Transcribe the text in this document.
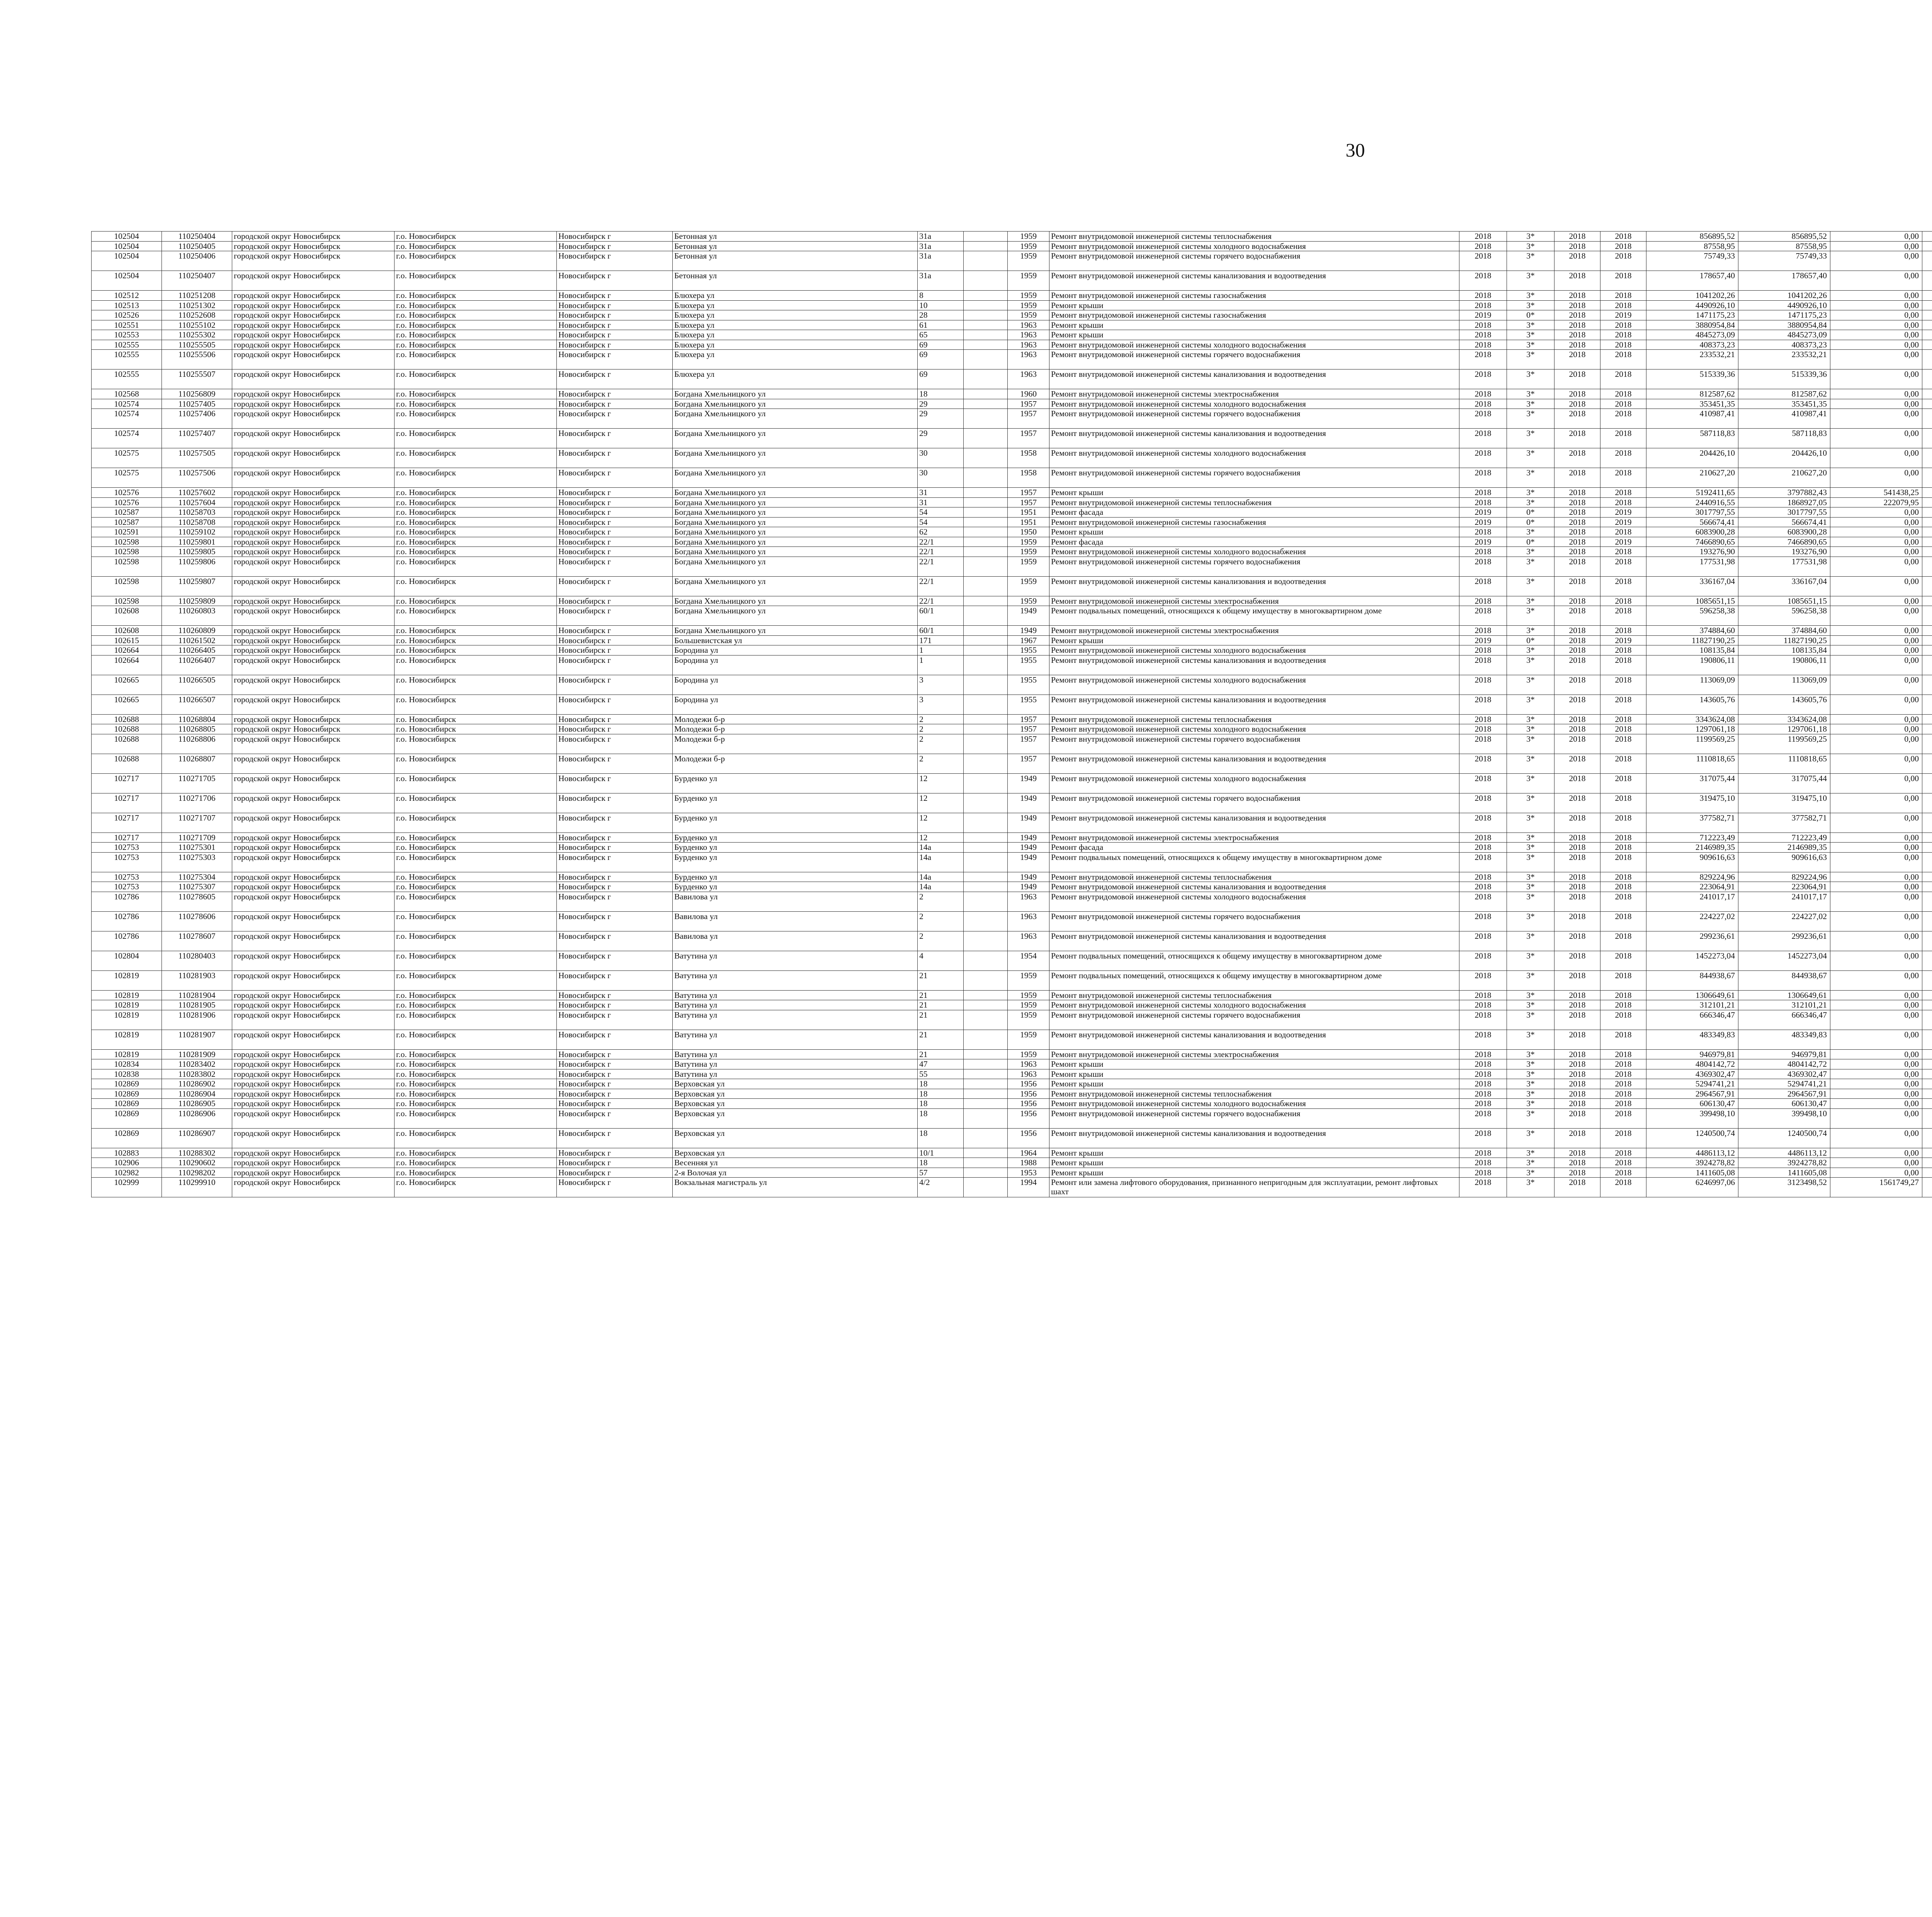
30
102504	110250404	городской округ Новосибирск	г.о. Новосибирск	Новосибирск г	Бетонная ул	31а		1959	Ремонт внутридомовой инженерной системы теплоснабжения	2018	3*	2018	2018	856895,52	856895,52	0,00					
102504	110250405	городской округ Новосибирск	г.о. Новосибирск	Новосибирск г	Бетонная ул	31а		1959	Ремонт внутридомовой инженерной системы холодного водоснабжения	2018	3*	2018	2018	87558,95	87558,95	0,00					
102504	110250406	городской округ Новосибирск	г.о. Новосибирск	Новосибирск г	Бетонная ул	31а		1959	Ремонт внутридомовой инженерной системы горячего водоснабжения	2018	3*	2018	2018	75749,33	75749,33	0,00					
102504	110250407	городской округ Новосибирск	г.о. Новосибирск	Новосибирск г	Бетонная ул	31а		1959	Ремонт внутридомовой инженерной системы канализования и водоотведения	2018	3*	2018	2018	178657,40	178657,40	0,00					
102512	110251208	городской округ Новосибирск	г.о. Новосибирск	Новосибирск г	Блюхера ул	8		1959	Ремонт внутридомовой инженерной системы газоснабжения	2018	3*	2018	2018	1041202,26	1041202,26	0,00					
102513	110251302	городской округ Новосибирск	г.о. Новосибирск	Новосибирск г	Блюхера ул	10		1959	Ремонт крыши	2018	3*	2018	2018	4490926,10	4490926,10	0,00					
102526	110252608	городской округ Новосибирск	г.о. Новосибирск	Новосибирск г	Блюхера ул	28		1959	Ремонт внутридомовой инженерной системы газоснабжения	2019	0*	2018	2019	1471175,23	1471175,23	0,00					
102551	110255102	городской округ Новосибирск	г.о. Новосибирск	Новосибирск г	Блюхера ул	61		1963	Ремонт крыши	2018	3*	2018	2018	3880954,84	3880954,84	0,00					
102553	110255302	городской округ Новосибирск	г.о. Новосибирск	Новосибирск г	Блюхера ул	65		1963	Ремонт крыши	2018	3*	2018	2018	4845273,09	4845273,09	0,00					
102555	110255505	городской округ Новосибирск	г.о. Новосибирск	Новосибирск г	Блюхера ул	69		1963	Ремонт внутридомовой инженерной системы холодного водоснабжения	2018	3*	2018	2018	408373,23	408373,23	0,00					
102555	110255506	городской округ Новосибирск	г.о. Новосибирск	Новосибирск г	Блюхера ул	69		1963	Ремонт внутридомовой инженерной системы горячего водоснабжения	2018	3*	2018	2018	233532,21	233532,21	0,00					
102555	110255507	городской округ Новосибирск	г.о. Новосибирск	Новосибирск г	Блюхера ул	69		1963	Ремонт внутридомовой инженерной системы канализования и водоотведения	2018	3*	2018	2018	515339,36	515339,36	0,00					
102568	110256809	городской округ Новосибирск	г.о. Новосибирск	Новосибирск г	Богдана Хмельницкого ул	18		1960	Ремонт внутридомовой инженерной системы электроснабжения	2018	3*	2018	2018	812587,62	812587,62	0,00					
102574	110257405	городской округ Новосибирск	г.о. Новосибирск	Новосибирск г	Богдана Хмельницкого ул	29		1957	Ремонт внутридомовой инженерной системы холодного водоснабжения	2018	3*	2018	2018	353451,35	353451,35	0,00					
102574	110257406	городской округ Новосибирск	г.о. Новосибирск	Новосибирск г	Богдана Хмельницкого ул	29		1957	Ремонт внутридомовой инженерной системы горячего водоснабжения	2018	3*	2018	2018	410987,41	410987,41	0,00					
102574	110257407	городской округ Новосибирск	г.о. Новосибирск	Новосибирск г	Богдана Хмельницкого ул	29		1957	Ремонт внутридомовой инженерной системы канализования и водоотведения	2018	3*	2018	2018	587118,83	587118,83	0,00					
102575	110257505	городской округ Новосибирск	г.о. Новосибирск	Новосибирск г	Богдана Хмельницкого ул	30		1958	Ремонт внутридомовой инженерной системы холодного водоснабжения	2018	3*	2018	2018	204426,10	204426,10	0,00					
102575	110257506	городской округ Новосибирск	г.о. Новосибирск	Новосибирск г	Богдана Хмельницкого ул	30		1958	Ремонт внутридомовой инженерной системы горячего водоснабжения	2018	3*	2018	2018	210627,20	210627,20	0,00					
102576	110257602	городской округ Новосибирск	г.о. Новосибирск	Новосибирск г	Богдана Хмельницкого ул	31		1957	Ремонт крыши	2018	3*	2018	2018	5192411,65	3797882,43	541438,25					
102576	110257604	городской округ Новосибирск	г.о. Новосибирск	Новосибирск г	Богдана Хмельницкого ул	31		1957	Ремонт внутридомовой инженерной системы теплоснабжения	2018	3*	2018	2018	2440916,55	1868927,05	222079,95					
102587	110258703	городской округ Новосибирск	г.о. Новосибирск	Новосибирск г	Богдана Хмельницкого ул	54		1951	Ремонт фасада	2019	0*	2018	2019	3017797,55	3017797,55	0,00					
102587	110258708	городской округ Новосибирск	г.о. Новосибирск	Новосибирск г	Богдана Хмельницкого ул	54		1951	Ремонт внутридомовой инженерной системы газоснабжения	2019	0*	2018	2019	566674,41	566674,41	0,00					
102591	110259102	городской округ Новосибирск	г.о. Новосибирск	Новосибирск г	Богдана Хмельницкого ул	62		1950	Ремонт крыши	2018	3*	2018	2018	6083900,28	6083900,28	0,00					
102598	110259801	городской округ Новосибирск	г.о. Новосибирск	Новосибирск г	Богдана Хмельницкого ул	22/1		1959	Ремонт фасада	2019	0*	2018	2019	7466890,65	7466890,65	0,00					
102598	110259805	городской округ Новосибирск	г.о. Новосибирск	Новосибирск г	Богдана Хмельницкого ул	22/1		1959	Ремонт внутридомовой инженерной системы холодного водоснабжения	2018	3*	2018	2018	193276,90	193276,90	0,00					
102598	110259806	городской округ Новосибирск	г.о. Новосибирск	Новосибирск г	Богдана Хмельницкого ул	22/1		1959	Ремонт внутридомовой инженерной системы горячего водоснабжения	2018	3*	2018	2018	177531,98	177531,98	0,00					
102598	110259807	городской округ Новосибирск	г.о. Новосибирск	Новосибирск г	Богдана Хмельницкого ул	22/1		1959	Ремонт внутридомовой инженерной системы канализования и водоотведения	2018	3*	2018	2018	336167,04	336167,04	0,00					
102598	110259809	городской округ Новосибирск	г.о. Новосибирск	Новосибирск г	Богдана Хмельницкого ул	22/1		1959	Ремонт внутридомовой инженерной системы электроснабжения	2018	3*	2018	2018	1085651,15	1085651,15	0,00					
102608	110260803	городской округ Новосибирск	г.о. Новосибирск	Новосибирск г	Богдана Хмельницкого ул	60/1		1949	Ремонт подвальных помещений, относящихся к общему имуществу в многоквартирном доме	2018	3*	2018	2018	596258,38	596258,38	0,00					
102608	110260809	городской округ Новосибирск	г.о. Новосибирск	Новосибирск г	Богдана Хмельницкого ул	60/1		1949	Ремонт внутридомовой инженерной системы электроснабжения	2018	3*	2018	2018	374884,60	374884,60	0,00					
102615	110261502	городской округ Новосибирск	г.о. Новосибирск	Новосибирск г	Большевистская ул	171		1967	Ремонт крыши	2019	0*	2018	2019	11827190,25	11827190,25	0,00					
102664	110266405	городской округ Новосибирск	г.о. Новосибирск	Новосибирск г	Бородина ул	1		1955	Ремонт внутридомовой инженерной системы холодного водоснабжения	2018	3*	2018	2018	108135,84	108135,84	0,00					
102664	110266407	городской округ Новосибирск	г.о. Новосибирск	Новосибирск г	Бородина ул	1		1955	Ремонт внутридомовой инженерной системы канализования и водоотведения	2018	3*	2018	2018	190806,11	190806,11	0,00					
102665	110266505	городской округ Новосибирск	г.о. Новосибирск	Новосибирск г	Бородина ул	3		1955	Ремонт внутридомовой инженерной системы холодного водоснабжения	2018	3*	2018	2018	113069,09	113069,09	0,00					
102665	110266507	городской округ Новосибирск	г.о. Новосибирск	Новосибирск г	Бородина ул	3		1955	Ремонт внутридомовой инженерной системы канализования и водоотведения	2018	3*	2018	2018	143605,76	143605,76	0,00					
102688	110268804	городской округ Новосибирск	г.о. Новосибирск	Новосибирск г	Молодежи б-р	2		1957	Ремонт внутридомовой инженерной системы теплоснабжения	2018	3*	2018	2018	3343624,08	3343624,08	0,00					
102688	110268805	городской округ Новосибирск	г.о. Новосибирск	Новосибирск г	Молодежи б-р	2		1957	Ремонт внутридомовой инженерной системы холодного водоснабжения	2018	3*	2018	2018	1297061,18	1297061,18	0,00					
102688	110268806	городской округ Новосибирск	г.о. Новосибирск	Новосибирск г	Молодежи б-р	2		1957	Ремонт внутридомовой инженерной системы горячего водоснабжения	2018	3*	2018	2018	1199569,25	1199569,25	0,00					
102688	110268807	городской округ Новосибирск	г.о. Новосибирск	Новосибирск г	Молодежи б-р	2		1957	Ремонт внутридомовой инженерной системы канализования и водоотведения	2018	3*	2018	2018	1110818,65	1110818,65	0,00					
102717	110271705	городской округ Новосибирск	г.о. Новосибирск	Новосибирск г	Бурденко ул	12		1949	Ремонт внутридомовой инженерной системы холодного водоснабжения	2018	3*	2018	2018	317075,44	317075,44	0,00					
102717	110271706	городской округ Новосибирск	г.о. Новосибирск	Новосибирск г	Бурденко ул	12		1949	Ремонт внутридомовой инженерной системы горячего водоснабжения	2018	3*	2018	2018	319475,10	319475,10	0,00					
102717	110271707	городской округ Новосибирск	г.о. Новосибирск	Новосибирск г	Бурденко ул	12		1949	Ремонт внутридомовой инженерной системы канализования и водоотведения	2018	3*	2018	2018	377582,71	377582,71	0,00					
102717	110271709	городской округ Новосибирск	г.о. Новосибирск	Новосибирск г	Бурденко ул	12		1949	Ремонт внутридомовой инженерной системы электроснабжения	2018	3*	2018	2018	712223,49	712223,49	0,00					
102753	110275301	городской округ Новосибирск	г.о. Новосибирск	Новосибирск г	Бурденко ул	14а		1949	Ремонт фасада	2018	3*	2018	2018	2146989,35	2146989,35	0,00					
102753	110275303	городской округ Новосибирск	г.о. Новосибирск	Новосибирск г	Бурденко ул	14а		1949	Ремонт подвальных помещений, относящихся к общему имуществу в многоквартирном доме	2018	3*	2018	2018	909616,63	909616,63	0,00					
102753	110275304	городской округ Новосибирск	г.о. Новосибирск	Новосибирск г	Бурденко ул	14а		1949	Ремонт внутридомовой инженерной системы теплоснабжения	2018	3*	2018	2018	829224,96	829224,96	0,00					
102753	110275307	городской округ Новосибирск	г.о. Новосибирск	Новосибирск г	Бурденко ул	14а		1949	Ремонт внутридомовой инженерной системы канализования и водоотведения	2018	3*	2018	2018	223064,91	223064,91	0,00					
102786	110278605	городской округ Новосибирск	г.о. Новосибирск	Новосибирск г	Вавилова ул	2		1963	Ремонт внутридомовой инженерной системы холодного водоснабжения	2018	3*	2018	2018	241017,17	241017,17	0,00					
102786	110278606	городской округ Новосибирск	г.о. Новосибирск	Новосибирск г	Вавилова ул	2		1963	Ремонт внутридомовой инженерной системы горячего водоснабжения	2018	3*	2018	2018	224227,02	224227,02	0,00					
102786	110278607	городской округ Новосибирск	г.о. Новосибирск	Новосибирск г	Вавилова ул	2		1963	Ремонт внутридомовой инженерной системы канализования и водоотведения	2018	3*	2018	2018	299236,61	299236,61	0,00					
102804	110280403	городской округ Новосибирск	г.о. Новосибирск	Новосибирск г	Ватутина ул	4		1954	Ремонт подвальных помещений, относящихся к общему имуществу в многоквартирном доме	2018	3*	2018	2018	1452273,04	1452273,04	0,00					
102819	110281903	городской округ Новосибирск	г.о. Новосибирск	Новосибирск г	Ватутина ул	21		1959	Ремонт подвальных помещений, относящихся к общему имуществу в многоквартирном доме	2018	3*	2018	2018	844938,67	844938,67	0,00					
102819	110281904	городской округ Новосибирск	г.о. Новосибирск	Новосибирск г	Ватутина ул	21		1959	Ремонт внутридомовой инженерной системы теплоснабжения	2018	3*	2018	2018	1306649,61	1306649,61	0,00					
102819	110281905	городской округ Новосибирск	г.о. Новосибирск	Новосибирск г	Ватутина ул	21		1959	Ремонт внутридомовой инженерной системы холодного водоснабжения	2018	3*	2018	2018	312101,21	312101,21	0,00					
102819	110281906	городской округ Новосибирск	г.о. Новосибирск	Новосибирск г	Ватутина ул	21		1959	Ремонт внутридомовой инженерной системы горячего водоснабжения	2018	3*	2018	2018	666346,47	666346,47	0,00					
102819	110281907	городской округ Новосибирск	г.о. Новосибирск	Новосибирск г	Ватутина ул	21		1959	Ремонт внутридомовой инженерной системы канализования и водоотведения	2018	3*	2018	2018	483349,83	483349,83	0,00					
102819	110281909	городской округ Новосибирск	г.о. Новосибирск	Новосибирск г	Ватутина ул	21		1959	Ремонт внутридомовой инженерной системы электроснабжения	2018	3*	2018	2018	946979,81	946979,81	0,00					
102834	110283402	городской округ Новосибирск	г.о. Новосибирск	Новосибирск г	Ватутина ул	47		1963	Ремонт крыши	2018	3*	2018	2018	4804142,72	4804142,72	0,00					
102838	110283802	городской округ Новосибирск	г.о. Новосибирск	Новосибирск г	Ватутина ул	55		1963	Ремонт крыши	2018	3*	2018	2018	4369302,47	4369302,47	0,00					
102869	110286902	городской округ Новосибирск	г.о. Новосибирск	Новосибирск г	Верховская ул	18		1956	Ремонт крыши	2018	3*	2018	2018	5294741,21	5294741,21	0,00					
102869	110286904	городской округ Новосибирск	г.о. Новосибирск	Новосибирск г	Верховская ул	18		1956	Ремонт внутридомовой инженерной системы теплоснабжения	2018	3*	2018	2018	2964567,91	2964567,91	0,00					
102869	110286905	городской округ Новосибирск	г.о. Новосибирск	Новосибирск г	Верховская ул	18		1956	Ремонт внутридомовой инженерной системы холодного водоснабжения	2018	3*	2018	2018	606130,47	606130,47	0,00					
102869	110286906	городской округ Новосибирск	г.о. Новосибирск	Новосибирск г	Верховская ул	18		1956	Ремонт внутридомовой инженерной системы горячего водоснабжения	2018	3*	2018	2018	399498,10	399498,10	0,00					
102869	110286907	городской округ Новосибирск	г.о. Новосибирск	Новосибирск г	Верховская ул	18		1956	Ремонт внутридомовой инженерной системы канализования и водоотведения	2018	3*	2018	2018	1240500,74	1240500,74	0,00					
102883	110288302	городской округ Новосибирск	г.о. Новосибирск	Новосибирск г	Верховская ул	10/1		1964	Ремонт крыши	2018	3*	2018	2018	4486113,12	4486113,12	0,00					
102906	110290602	городской округ Новосибирск	г.о. Новосибирск	Новосибирск г	Весенняя ул	18		1988	Ремонт крыши	2018	3*	2018	2018	3924278,82	3924278,82	0,00					
102982	110298202	городской округ Новосибирск	г.о. Новосибирск	Новосибирск г	2-я Волочая ул	57		1953	Ремонт крыши	2018	3*	2018	2018	1411605,08	1411605,08	0,00					
102999	110299910	городской округ Новосибирск	г.о. Новосибирск	Новосибирск г	Вокзальная магистраль ул	4/2		1994	Ремонт или замена лифтового оборудования, признанного непригодным для эксплуатации, ремонт лифтовых шахт	2018	3*	2018	2018	6246997,06	3123498,52	1561749,27					
